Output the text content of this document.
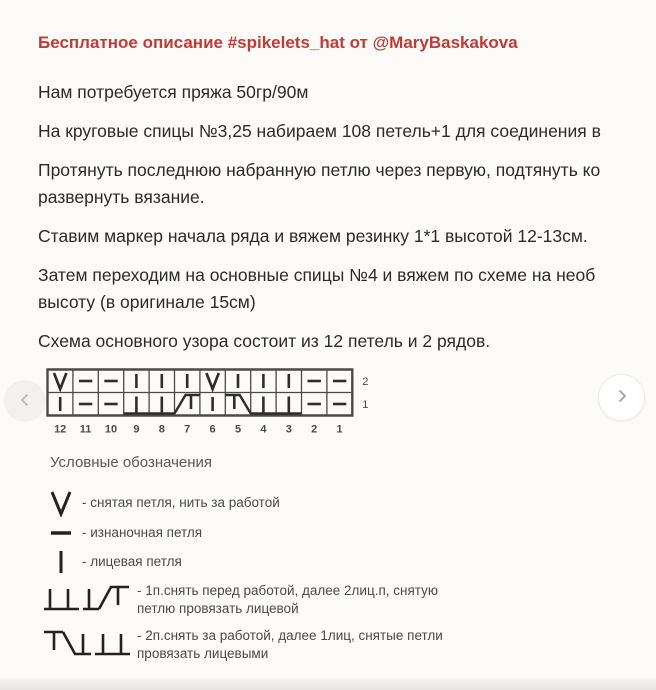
Бесплатное описание #spikelets_hat от @MaryBaskakova

Нам потребуется пряжа 50гр/90м

На круговые спицы №3,25 набираем 108 петель+1 для соединения в

Протянуть последнюю набранную петлю через первую, подтянуть ко
развернуть вязание.

Ставим маркер начала ряда и вяжем резинку 1*1 высотой 12-13см.

Затем переходим на основные спицы №4 и вяжем по схеме на необ
высоту (в оригинале 15см)

Схема основного узора состоит из 12 петель и 2 рядов.

12 11 10 9 8 7 6 5 4 3 2 1
2
1
Условные обозначения
- снятая петля, нить за работой
- изнаночная петля
- лицевая петля
- 1п.снять перед работой, далее 2лиц.п, снятую
петлю провязать лицевой
- 2п.снять за работой, далее 1лиц, снятые петли
провязать лицевыми
